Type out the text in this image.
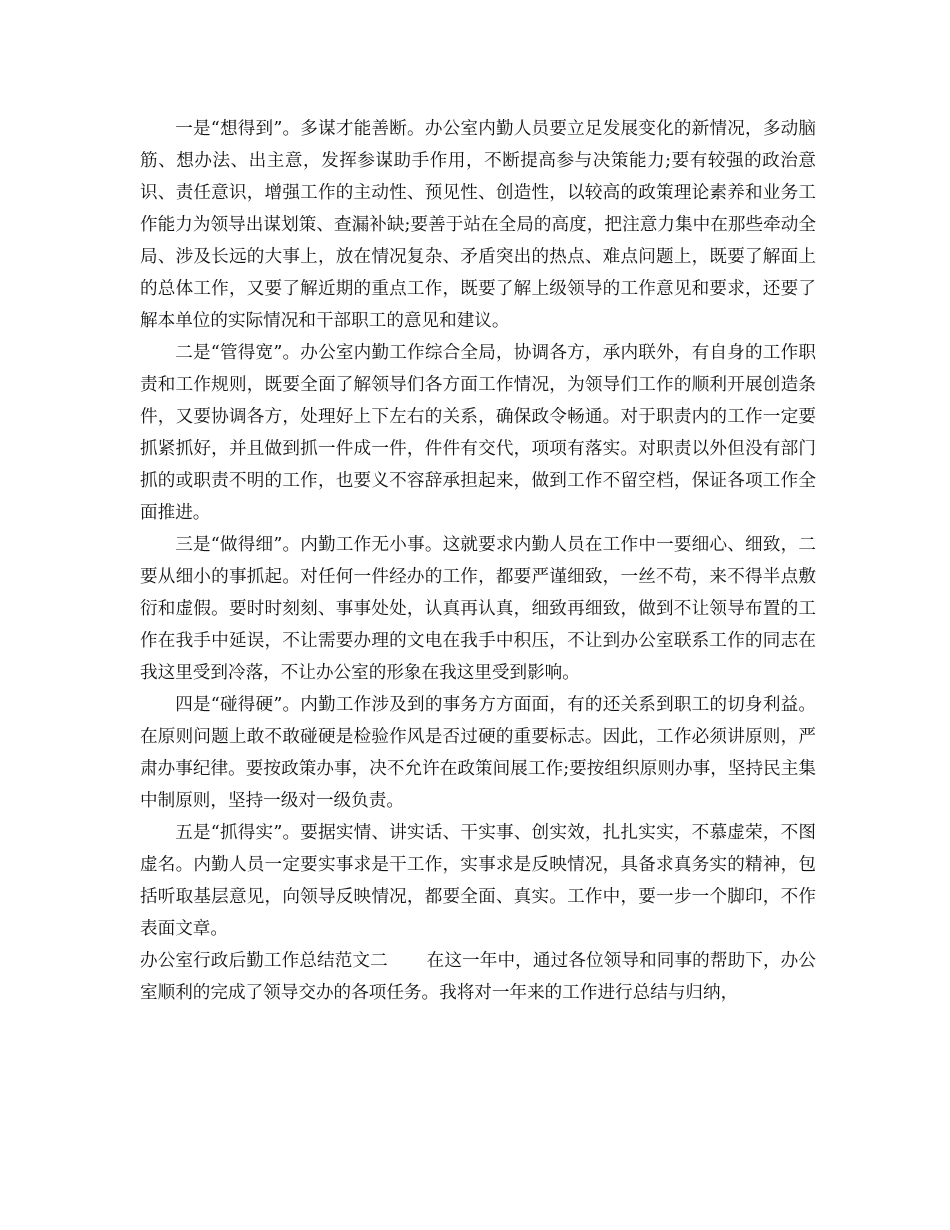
一是“想得到”。多谋才能善断。办公室内勤人员要立足发展变化的新情况，多动脑筋、想办法、出主意，发挥参谋助手作用，不断提高参与决策能力;要有较强的政治意识、责任意识，增强工作的主动性、预见性、创造性，以较高的政策理论素养和业务工作能力为领导出谋划策、查漏补缺;要善于站在全局的高度，把注意力集中在那些牵动全局、涉及长远的大事上，放在情况复杂、矛盾突出的热点、难点问题上，既要了解面上的总体工作，又要了解近期的重点工作，既要了解上级领导的工作意见和要求，还要了解本单位的实际情况和干部职工的意见和建议。

二是“管得宽”。办公室内勤工作综合全局，协调各方，承内联外，有自身的工作职责和工作规则，既要全面了解领导们各方面工作情况，为领导们工作的顺利开展创造条件，又要协调各方，处理好上下左右的关系，确保政令畅通。对于职责内的工作一定要抓紧抓好，并且做到抓一件成一件，件件有交代，项项有落实。对职责以外但没有部门抓的或职责不明的工作，也要义不容辞承担起来，做到工作不留空档，保证各项工作全面推进。

三是“做得细”。内勤工作无小事。这就要求内勤人员在工作中一要细心、细致，二要从细小的事抓起。对任何一件经办的工作，都要严谨细致，一丝不苟，来不得半点敷衍和虚假。要时时刻刻、事事处处，认真再认真，细致再细致，做到不让领导布置的工作在我手中延误，不让需要办理的文电在我手中积压，不让到办公室联系工作的同志在我这里受到冷落，不让办公室的形象在我这里受到影响。

四是“碰得硬”。内勤工作涉及到的事务方方面面，有的还关系到职工的切身利益。在原则问题上敢不敢碰硬是检验作风是否过硬的重要标志。因此，工作必须讲原则，严肃办事纪律。要按政策办事，决不允许在政策间展工作;要按组织原则办事，坚持民主集中制原则，坚持一级对一级负责。

五是“抓得实”。要据实情、讲实话、干实事、创实效，扎扎实实，不慕虚荣，不图虚名。内勤人员一定要实事求是干工作，实事求是反映情况，具备求真务实的精神，包括听取基层意见，向领导反映情况，都要全面、真实。工作中，要一步一个脚印，不作表面文章。

办公室行政后勤工作总结范文二 在这一年中，通过各位领导和同事的帮助下，办公室顺利的完成了领导交办的各项任务。我将对一年来的工作进行总结与归纳，
